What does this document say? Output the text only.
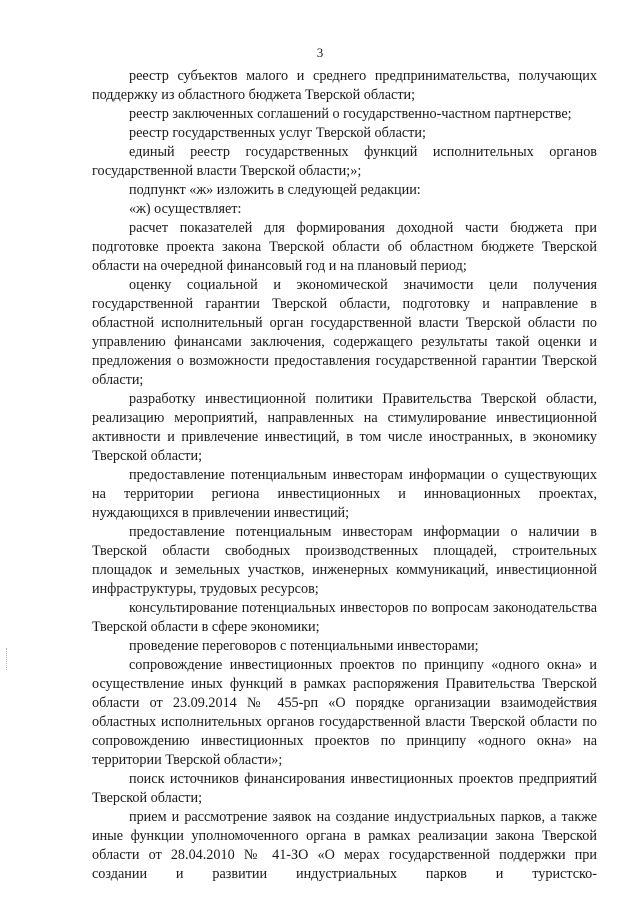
3

реестр субъектов малого и среднего предпринимательства, получающих поддержку из областного бюджета Тверской области;

реестр заключенных соглашений о государственно-частном партнерстве;

реестр государственных услуг Тверской области;

единый реестр государственных функций исполнительных органов государственной власти Тверской области;»;

подпункт «ж» изложить в следующей редакции:

«ж) осуществляет:

расчет показателей для формирования доходной части бюджета при подготовке проекта закона Тверской области об областном бюджете Тверской области на очередной финансовый год и на плановый период;

оценку социальной и экономической значимости цели получения государственной гарантии Тверской области, подготовку и направление в областной исполнительный орган государственной власти Тверской области по управлению финансами заключения, содержащего результаты такой оценки и предложения о возможности предоставления государственной гарантии Тверской области;

разработку инвестиционной политики Правительства Тверской области, реализацию мероприятий, направленных на стимулирование инвестиционной активности и привлечение инвестиций, в том числе иностранных, в экономику Тверской области;

предоставление потенциальным инвесторам информации о существующих на территории региона инвестиционных и инновационных проектах, нуждающихся в привлечении инвестиций;

предоставление потенциальным инвесторам информации о наличии в Тверской области свободных производственных площадей, строительных площадок и земельных участков, инженерных коммуникаций, инвестиционной инфраструктуры, трудовых ресурсов;

консультирование потенциальных инвесторов по вопросам законодательства Тверской области в сфере экономики;

проведение переговоров с потенциальными инвесторами;

сопровождение инвестиционных проектов по принципу «одного окна» и осуществление иных функций в рамках распоряжения Правительства Тверской области от 23.09.2014 № 455-рп «О порядке организации взаимодействия областных исполнительных органов государственной власти Тверской области по сопровождению инвестиционных проектов по принципу «одного окна» на территории Тверской области»;

поиск источников финансирования инвестиционных проектов предприятий Тверской области;

прием и рассмотрение заявок на создание индустриальных парков, а также иные функции уполномоченного органа в рамках реализации закона Тверской области от 28.04.2010 № 41-ЗО «О мерах государственной поддержки при создании и развитии индустриальных парков и туристско-
